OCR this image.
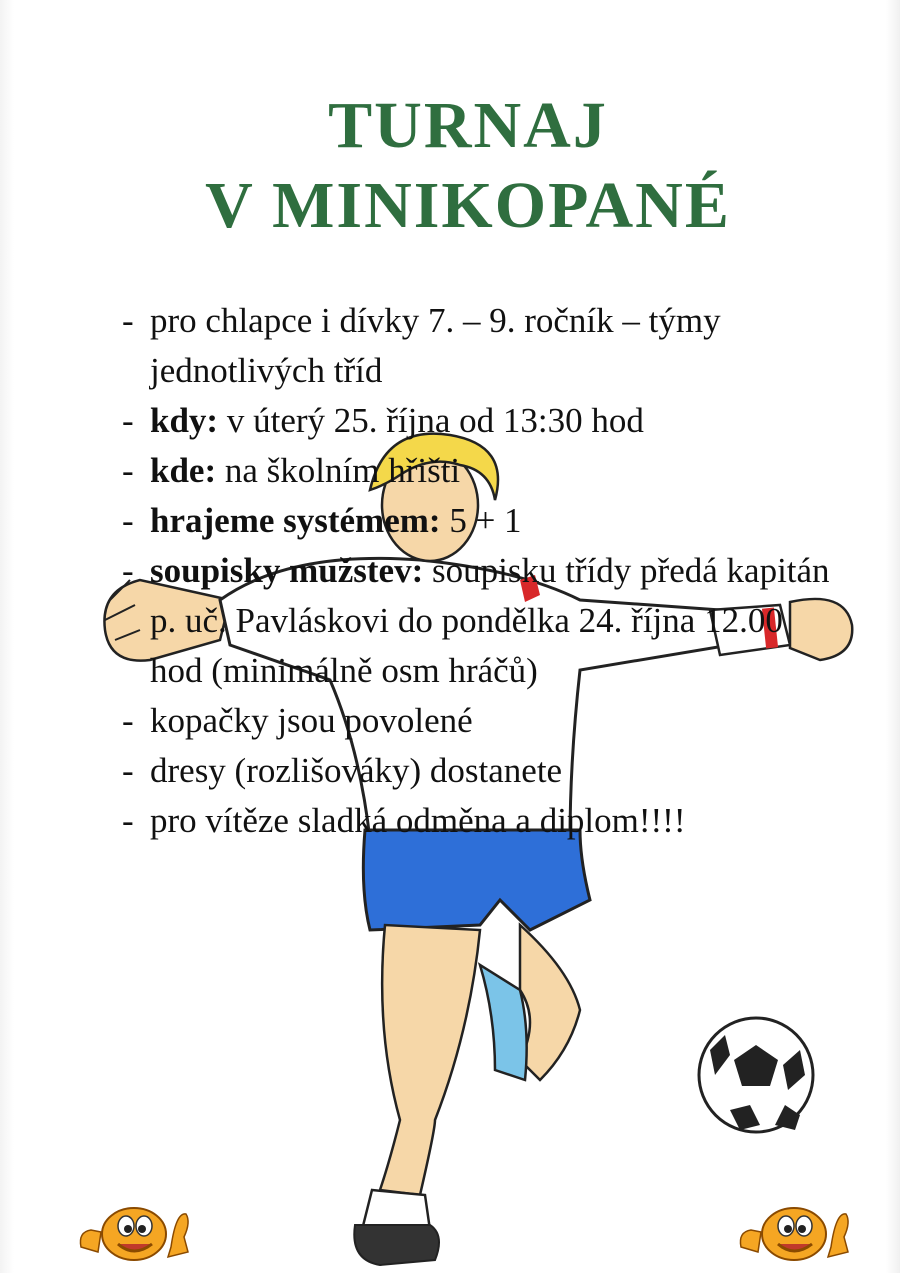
TURNAJ
V MINIKOPANÉ
- pro chlapce i dívky 7. – 9. ročník – týmy jednotlivých tříd
- kdy: v úterý 25. října od 13:30 hod
- kde: na školním hřišti
- hrajeme systémem: 5 + 1
- soupisky mužstev: soupisku třídy předá kapitán p. uč. Pavláskovi do pondělka 24. října 12.00 hod (minimálně osm hráčů)
- kopačky jsou povolené
- dresy (rozlišováky) dostanete
- pro vítěze sladká odměna a diplom!!!!
